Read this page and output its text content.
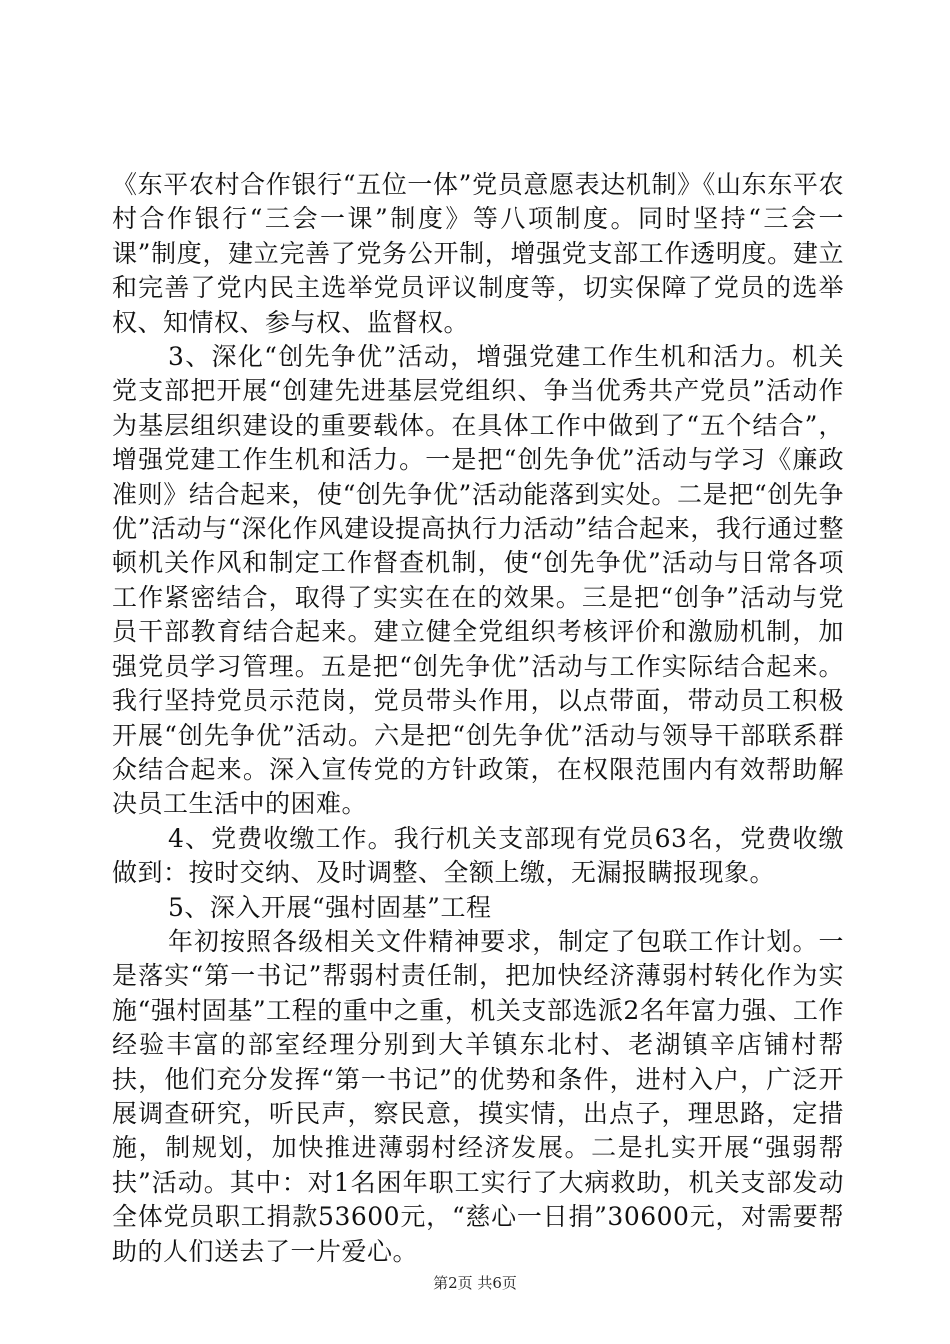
《东平农村合作银行“五位一体”党员意愿表达机制》《山东东平农村合作银行“三会一课”制度》等八项制度。同时坚持“三会一课”制度，建立完善了党务公开制，增强党支部工作透明度。建立和完善了党内民主选举党员评议制度等，切实保障了党员的选举权、知情权、参与权、监督权。

3、深化“创先争优”活动，增强党建工作生机和活力。机关党支部把开展“创建先进基层党组织、争当优秀共产党员”活动作为基层组织建设的重要载体。在具体工作中做到了“五个结合”，增强党建工作生机和活力。一是把“创先争优”活动与学习《廉政准则》结合起来，使“创先争优”活动能落到实处。二是把“创先争优”活动与“深化作风建设提高执行力活动”结合起来，我行通过整顿机关作风和制定工作督查机制，使“创先争优”活动与日常各项工作紧密结合，取得了实实在在的效果。三是把“创争”活动与党员干部教育结合起来。建立健全党组织考核评价和激励机制，加强党员学习管理。五是把“创先争优”活动与工作实际结合起来。我行坚持党员示范岗，党员带头作用，以点带面，带动员工积极开展“创先争优”活动。六是把“创先争优”活动与领导干部联系群众结合起来。深入宣传党的方针政策，在权限范围内有效帮助解决员工生活中的困难。

4、党费收缴工作。我行机关支部现有党员63名，党费收缴做到：按时交纳、及时调整、全额上缴，无漏报瞒报现象。

5、深入开展“强村固基”工程

年初按照各级相关文件精神要求，制定了包联工作计划。一是落实“第一书记”帮弱村责任制，把加快经济薄弱村转化作为实施“强村固基”工程的重中之重，机关支部选派2名年富力强、工作经验丰富的部室经理分别到大羊镇东北村、老湖镇辛店铺村帮扶，他们充分发挥“第一书记”的优势和条件，进村入户，广泛开展调查研究，听民声，察民意，摸实情，出点子，理思路，定措施，制规划，加快推进薄弱村经济发展。二是扎实开展“强弱帮扶”活动。其中：对1名困年职工实行了大病救助，机关支部发动全体党员职工捐款53600元，“慈心一日捐”30600元，对需要帮助的人们送去了一片爱心。

第2页 共6页
